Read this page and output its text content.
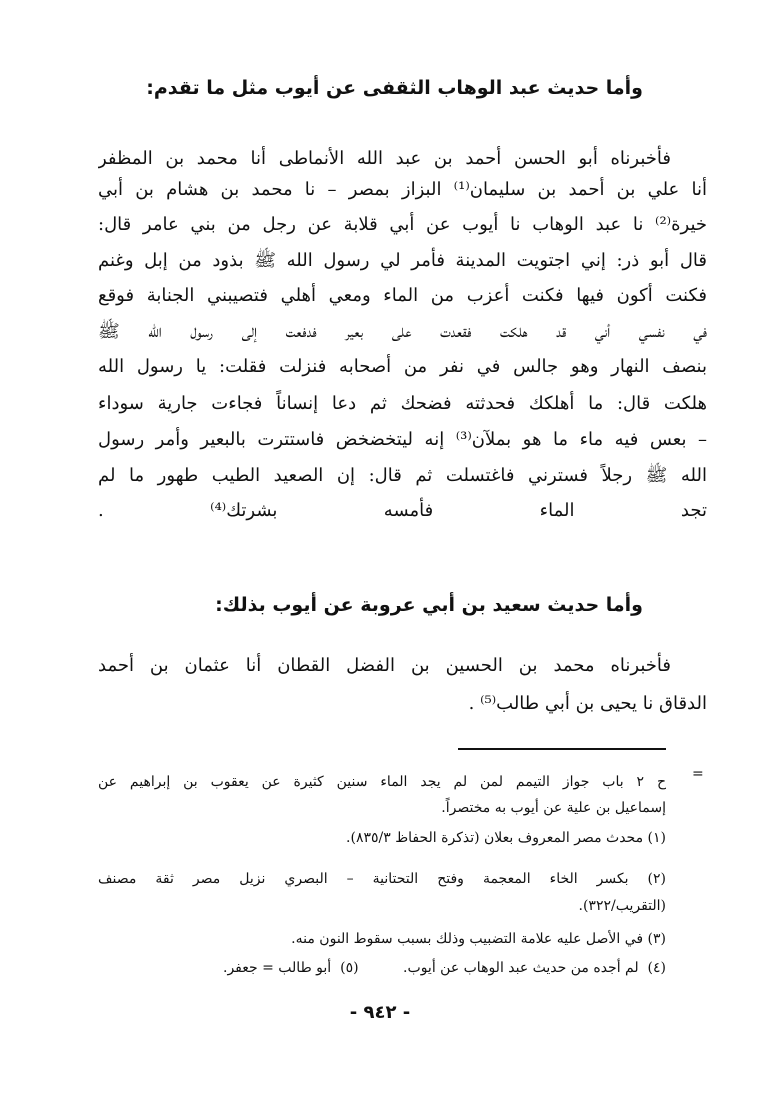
وأما حديث عبد الوهاب الثقفى عن أيوب مثل ما تقدم:
فأخبرناه أبو الحسن أحمد بن عبد الله الأنماطى أنا محمد بن المظفر
أنا علي بن أحمد بن سليمان⁽¹⁾ البزاز بمصر – نا محمد بن هشام بن أبي
خيرة⁽²⁾ نا عبد الوهاب نا أيوب عن أبي قلابة عن رجل من بني عامر قال:
قال أبو ذر: إني اجتويت المدينة فأمر لي رسول الله ﷺ بذود من إبل وغنم
فكنت أكون فيها فكنت أعزب من الماء ومعي أهلي فتصيبني الجنابة فوقع
في نفسي أني قد هلكت فقعدت على بعير فدفعت إلى رسول الله ﷺ
بنصف النهار وهو جالس في نفر من أصحابه فنزلت فقلت: يا رسول الله
هلكت قال: ما أهلكك فحدثته فضحك ثم دعا إنساناً فجاءت جارية سوداء
– بعس فيه ماء ما هو بملآن⁽³⁾ إنه ليتخضخض فاستترت بالبعير وأمر رسول
الله ﷺ رجلاً فسترني فاغتسلت ثم قال: إن الصعيد الطيب طهور ما لم
تجد الماء فأمسه بشرتك⁽⁴⁾ .
وأما حديث سعيد بن أبي عروبة عن أيوب بذلك:
فأخبرناه محمد بن الحسين بن الفضل القطان أنا عثمان بن أحمد
الدقاق نا يحيى بن أبي طالب⁽⁵⁾ .
=
ح ٢ باب جواز التيمم لمن لم يجد الماء سنين كثيرة عن يعقوب بن إبراهيم عن
إسماعيل بن علية عن أيوب به مختصراً.
(١) محدث مصر المعروف بعلان (تذكرة الحفاظ ٨٣٥/٣).
(٢) بكسر الخاء المعجمة وفتح التحتانية – البصري نزيل مصر ثقة مصنف
(التقريب/٣٢٢).
(٣) في الأصل عليه علامة التضبيب وذلك بسبب سقوط النون منه.
(٤)  لم أجده من حديث عبد الوهاب عن أيوب.          (٥)  أبو طالب = جعفر.
- ٩٤٢ -
